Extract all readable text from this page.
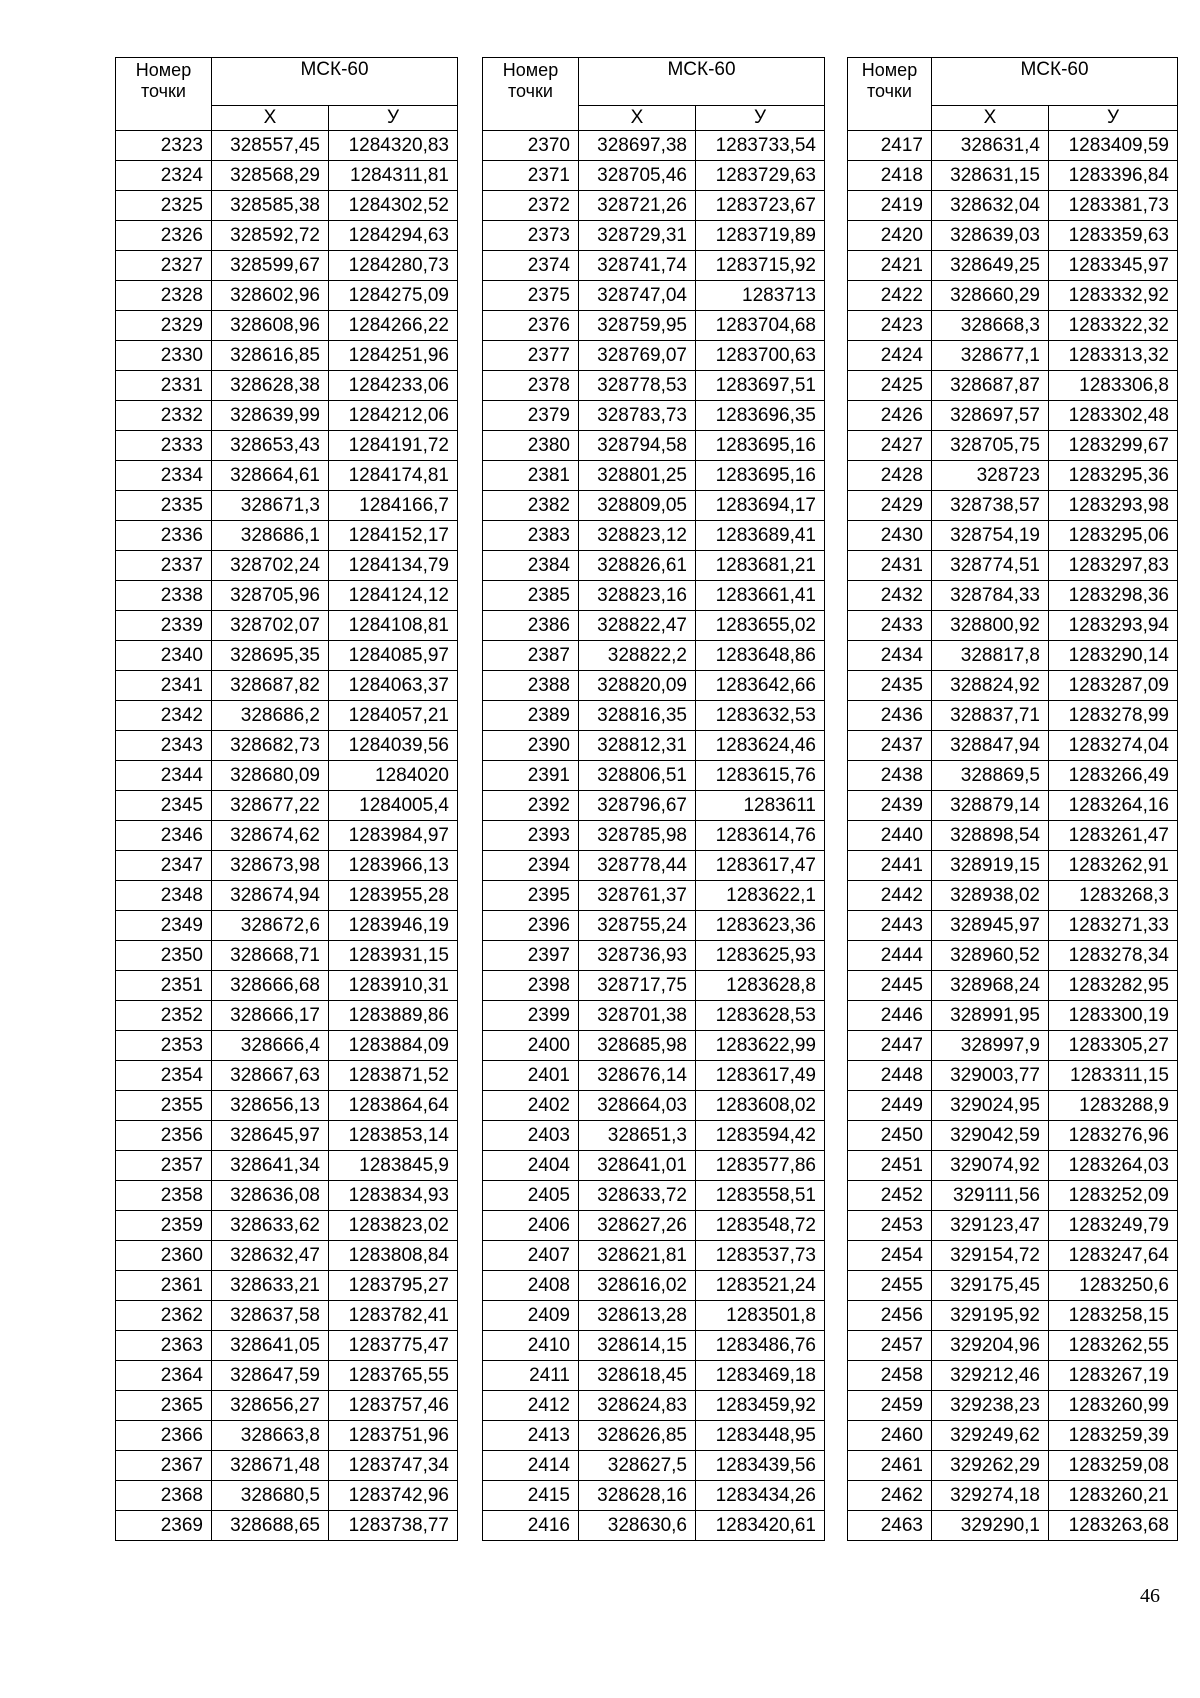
Номер
точки	МСК-60	
	Х	У
2323	328557,45	1284320,83
2324	328568,29	1284311,81
2325	328585,38	1284302,52
2326	328592,72	1284294,63
2327	328599,67	1284280,73
2328	328602,96	1284275,09
2329	328608,96	1284266,22
2330	328616,85	1284251,96
2331	328628,38	1284233,06
2332	328639,99	1284212,06
2333	328653,43	1284191,72
2334	328664,61	1284174,81
2335	328671,3	1284166,7
2336	328686,1	1284152,17
2337	328702,24	1284134,79
2338	328705,96	1284124,12
2339	328702,07	1284108,81
2340	328695,35	1284085,97
2341	328687,82	1284063,37
2342	328686,2	1284057,21
2343	328682,73	1284039,56
2344	328680,09	1284020
2345	328677,22	1284005,4
2346	328674,62	1283984,97
2347	328673,98	1283966,13
2348	328674,94	1283955,28
2349	328672,6	1283946,19
2350	328668,71	1283931,15
2351	328666,68	1283910,31
2352	328666,17	1283889,86
2353	328666,4	1283884,09
2354	328667,63	1283871,52
2355	328656,13	1283864,64
2356	328645,97	1283853,14
2357	328641,34	1283845,9
2358	328636,08	1283834,93
2359	328633,62	1283823,02
2360	328632,47	1283808,84
2361	328633,21	1283795,27
2362	328637,58	1283782,41
2363	328641,05	1283775,47
2364	328647,59	1283765,55
2365	328656,27	1283757,46
2366	328663,8	1283751,96
2367	328671,48	1283747,34
2368	328680,5	1283742,96
2369	328688,65	1283738,77
Номер
точки	МСК-60	
	Х	У
2370	328697,38	1283733,54
2371	328705,46	1283729,63
2372	328721,26	1283723,67
2373	328729,31	1283719,89
2374	328741,74	1283715,92
2375	328747,04	1283713
2376	328759,95	1283704,68
2377	328769,07	1283700,63
2378	328778,53	1283697,51
2379	328783,73	1283696,35
2380	328794,58	1283695,16
2381	328801,25	1283695,16
2382	328809,05	1283694,17
2383	328823,12	1283689,41
2384	328826,61	1283681,21
2385	328823,16	1283661,41
2386	328822,47	1283655,02
2387	328822,2	1283648,86
2388	328820,09	1283642,66
2389	328816,35	1283632,53
2390	328812,31	1283624,46
2391	328806,51	1283615,76
2392	328796,67	1283611
2393	328785,98	1283614,76
2394	328778,44	1283617,47
2395	328761,37	1283622,1
2396	328755,24	1283623,36
2397	328736,93	1283625,93
2398	328717,75	1283628,8
2399	328701,38	1283628,53
2400	328685,98	1283622,99
2401	328676,14	1283617,49
2402	328664,03	1283608,02
2403	328651,3	1283594,42
2404	328641,01	1283577,86
2405	328633,72	1283558,51
2406	328627,26	1283548,72
2407	328621,81	1283537,73
2408	328616,02	1283521,24
2409	328613,28	1283501,8
2410	328614,15	1283486,76
2411	328618,45	1283469,18
2412	328624,83	1283459,92
2413	328626,85	1283448,95
2414	328627,5	1283439,56
2415	328628,16	1283434,26
2416	328630,6	1283420,61
Номер
точки	МСК-60	
	Х	У
2417	328631,4	1283409,59
2418	328631,15	1283396,84
2419	328632,04	1283381,73
2420	328639,03	1283359,63
2421	328649,25	1283345,97
2422	328660,29	1283332,92
2423	328668,3	1283322,32
2424	328677,1	1283313,32
2425	328687,87	1283306,8
2426	328697,57	1283302,48
2427	328705,75	1283299,67
2428	328723	1283295,36
2429	328738,57	1283293,98
2430	328754,19	1283295,06
2431	328774,51	1283297,83
2432	328784,33	1283298,36
2433	328800,92	1283293,94
2434	328817,8	1283290,14
2435	328824,92	1283287,09
2436	328837,71	1283278,99
2437	328847,94	1283274,04
2438	328869,5	1283266,49
2439	328879,14	1283264,16
2440	328898,54	1283261,47
2441	328919,15	1283262,91
2442	328938,02	1283268,3
2443	328945,97	1283271,33
2444	328960,52	1283278,34
2445	328968,24	1283282,95
2446	328991,95	1283300,19
2447	328997,9	1283305,27
2448	329003,77	1283311,15
2449	329024,95	1283288,9
2450	329042,59	1283276,96
2451	329074,92	1283264,03
2452	329111,56	1283252,09
2453	329123,47	1283249,79
2454	329154,72	1283247,64
2455	329175,45	1283250,6
2456	329195,92	1283258,15
2457	329204,96	1283262,55
2458	329212,46	1283267,19
2459	329238,23	1283260,99
2460	329249,62	1283259,39
2461	329262,29	1283259,08
2462	329274,18	1283260,21
2463	329290,1	1283263,68
46
